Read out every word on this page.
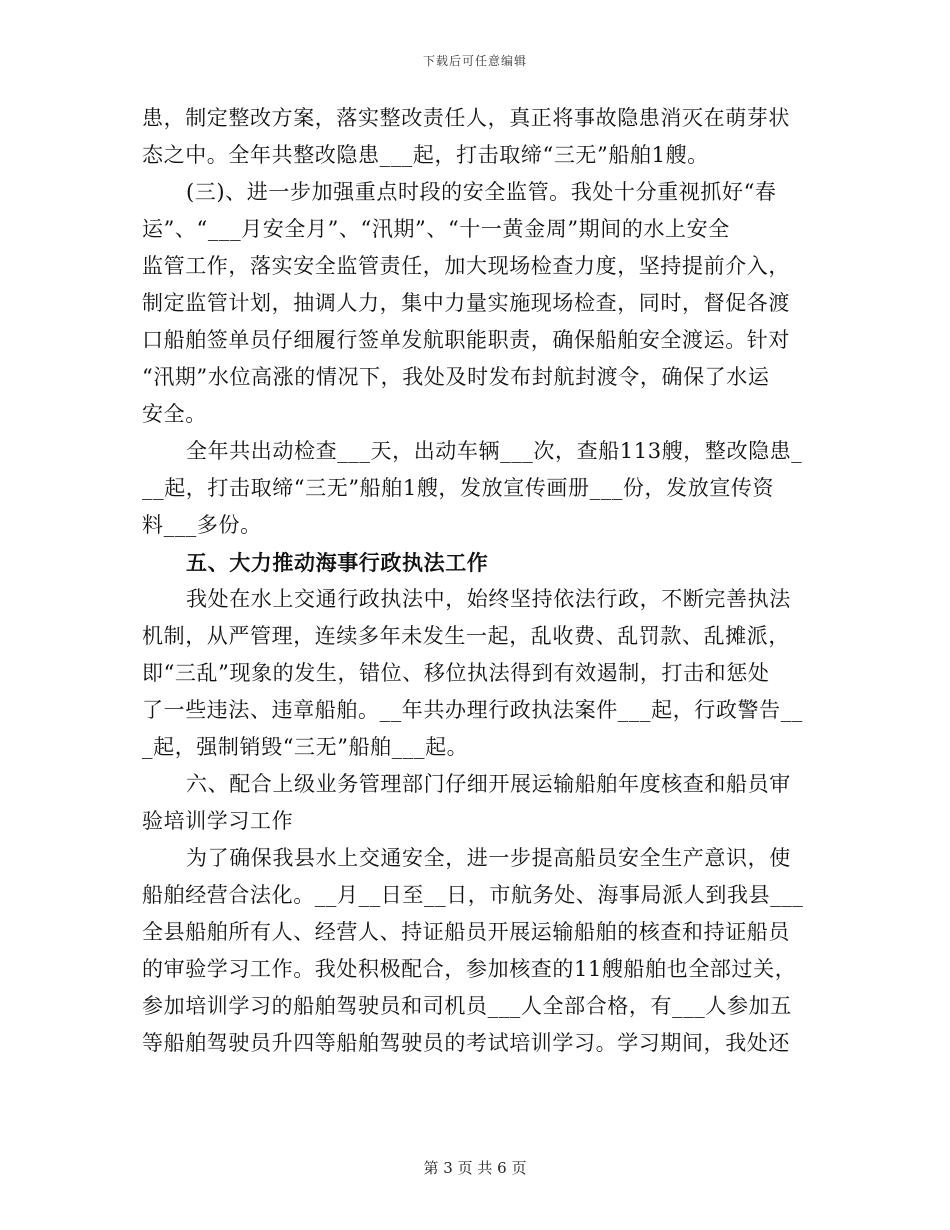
下载后可任意编辑
患，制定整改方案，落实整改责任人，真正将事故隐患消灭在萌芽状
态之中。全年共整改隐患___起，打击取缔“三无”船舶1艘。
(三)、进一步加强重点时段的安全监管。我处十分重视抓好“春
运”、“___月安全月”、“汛期”、“十一黄金周”期间的水上安全
监管工作，落实安全监管责任，加大现场检查力度，坚持提前介入，
制定监管计划，抽调人力，集中力量实施现场检查，同时，督促各渡
口船舶签单员仔细履行签单发航职能职责，确保船舶安全渡运。针对
“汛期”水位高涨的情况下，我处及时发布封航封渡令，确保了水运
安全。
全年共出动检查___天，出动车辆___次，查船113艘，整改隐患_
__起，打击取缔“三无”船舶1艘，发放宣传画册___份，发放宣传资
料___多份。
五、大力推动海事行政执法工作
我处在水上交通行政执法中，始终坚持依法行政，不断完善执法
机制，从严管理，连续多年未发生一起，乱收费、乱罚款、乱摊派，
即“三乱”现象的发生，错位、移位执法得到有效遏制，打击和惩处
了一些违法、违章船舶。__年共办理行政执法案件___起，行政警告__
_起，强制销毁“三无”船舶___起。
六、配合上级业务管理部门仔细开展运输船舶年度核查和船员审
验培训学习工作
为了确保我县水上交通安全，进一步提高船员安全生产意识，使
船舶经营合法化。__月__日至__日，市航务处、海事局派人到我县___
全县船舶所有人、经营人、持证船员开展运输船舶的核查和持证船员
的审验学习工作。我处积极配合，参加核查的11艘船舶也全部过关，
参加培训学习的船舶驾驶员和司机员___人全部合格，有___人参加五
等船舶驾驶员升四等船舶驾驶员的考试培训学习。学习期间，我处还
第 3 页 共 6 页
